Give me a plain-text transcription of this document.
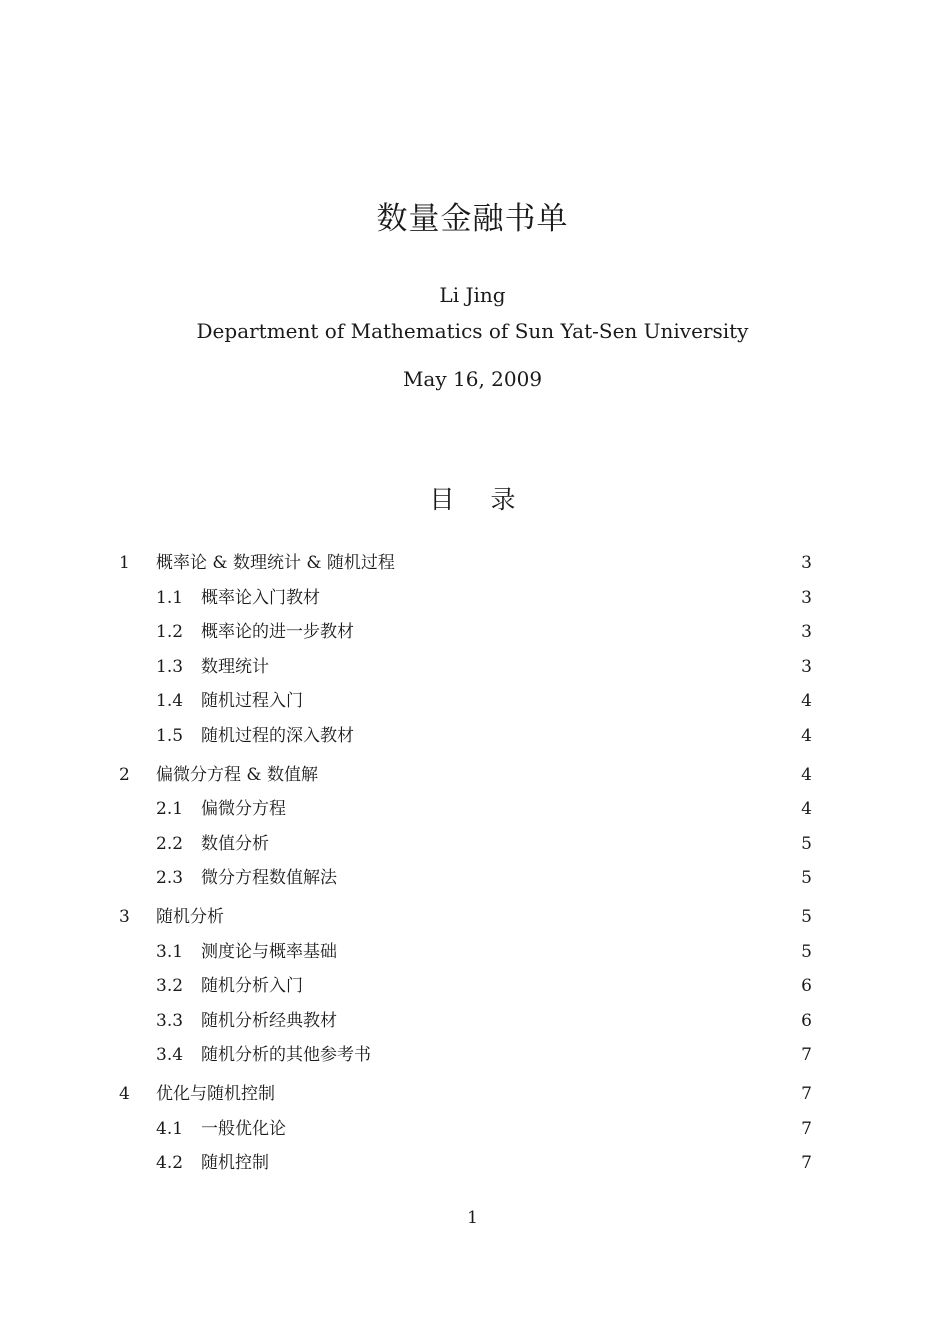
数量金融书单
Li Jing
Department of Mathematics of Sun Yat-Sen University
May 16, 2009
目 录
1 概率论 & 数理统计 & 随机过程	3
1.1 概率论入门教材	3
1.2 概率论的进一步教材	3
1.3 数理统计	3
1.4 随机过程入门	4
1.5 随机过程的深入教材	4
2 偏微分方程 & 数值解	4
2.1 偏微分方程	4
2.2 数值分析	5
2.3 微分方程数值解法	5
3 随机分析	5
3.1 测度论与概率基础	5
3.2 随机分析入门	6
3.3 随机分析经典教材	6
3.4 随机分析的其他参考书	7
4 优化与随机控制	7
4.1 一般优化论	7
4.2 随机控制	7
1
